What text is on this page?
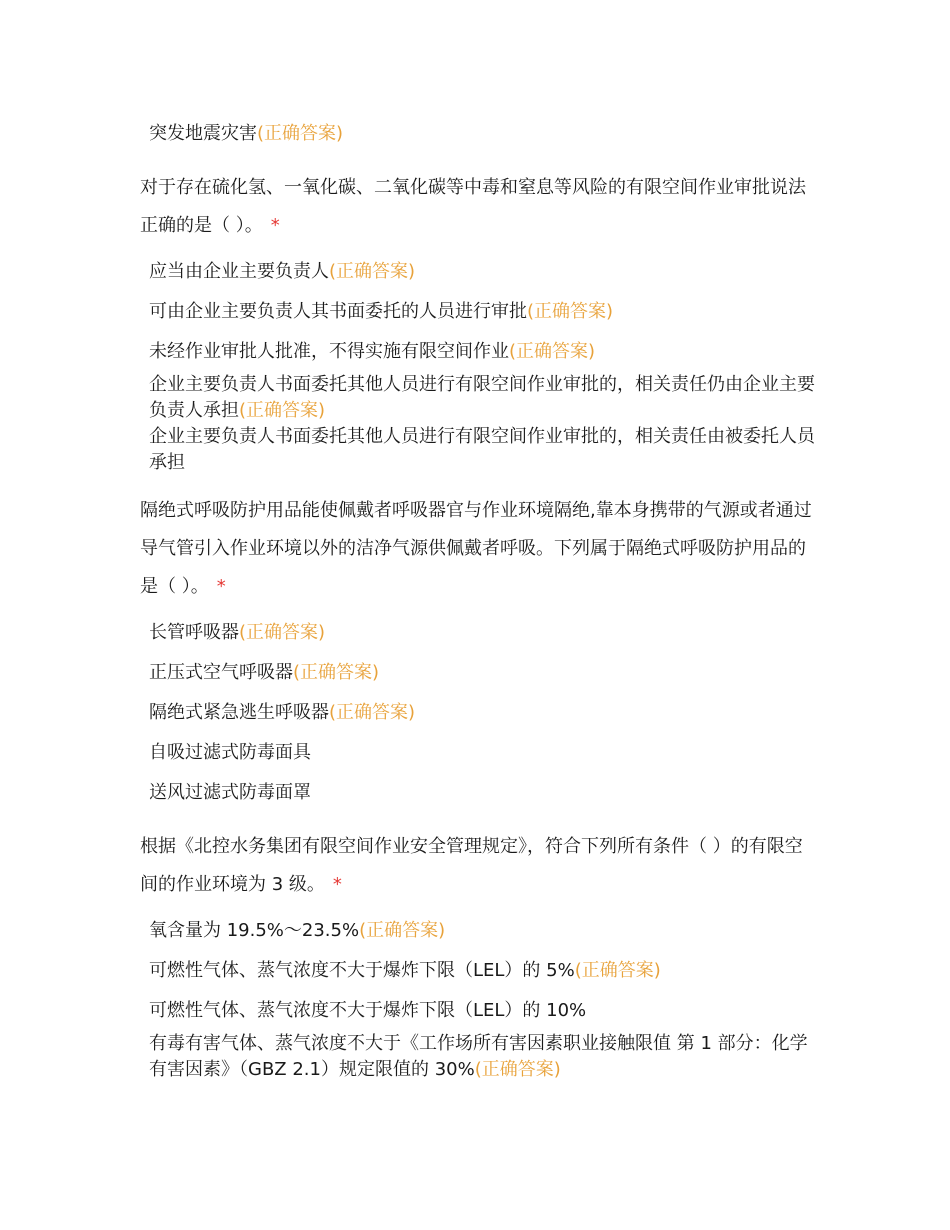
突发地震灾害(正确答案)
对于存在硫化氢、一氧化碳、二氧化碳等中毒和窒息等风险的有限空间作业审批说法正确的是（ ）。 *
应当由企业主要负责人(正确答案)
可由企业主要负责人其书面委托的人员进行审批(正确答案)
未经作业审批人批准，不得实施有限空间作业(正确答案)
企业主要负责人书面委托其他人员进行有限空间作业审批的，相关责任仍由企业主要负责人承担(正确答案)
企业主要负责人书面委托其他人员进行有限空间作业审批的，相关责任由被委托人员承担
隔绝式呼吸防护用品能使佩戴者呼吸器官与作业环境隔绝,靠本身携带的气源或者通过导气管引入作业环境以外的洁净气源供佩戴者呼吸。下列属于隔绝式呼吸防护用品的是（ ）。 *
长管呼吸器(正确答案)
正压式空气呼吸器(正确答案)
隔绝式紧急逃生呼吸器(正确答案)
自吸过滤式防毒面具
送风过滤式防毒面罩
根据《北控水务集团有限空间作业安全管理规定》，符合下列所有条件（ ）的有限空间的作业环境为 3 级。 *
氧含量为 19.5%～23.5%(正确答案)
可燃性气体、蒸气浓度不大于爆炸下限（LEL）的 5%(正确答案)
可燃性气体、蒸气浓度不大于爆炸下限（LEL）的 10%
有毒有害气体、蒸气浓度不大于《工作场所有害因素职业接触限值 第 1 部分：化学有害因素》（GBZ 2.1）规定限值的 30%(正确答案)
